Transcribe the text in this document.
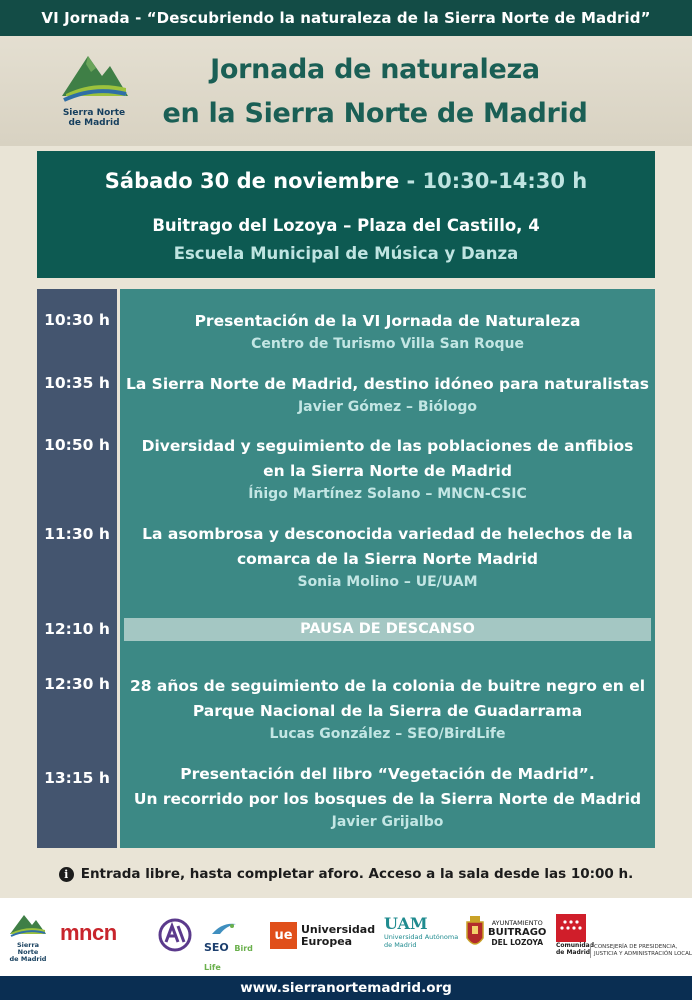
VI Jornada - “Descubriendo la naturaleza de la Sierra Norte de Madrid”
Sierra Norte
de Madrid
Jornada de naturaleza
en la Sierra Norte de Madrid
Sábado 30 de noviembre - 10:30-14:30 h
Buitrago del Lozoya – Plaza del Castillo, 4
Escuela Municipal de Música y Danza
10:30 h	Presentación de la VI Jornada de Naturaleza
Centro de Turismo Villa San Roque
10:35 h	La Sierra Norte de Madrid, destino idóneo para naturalistas
Javier Gómez – Biólogo
10:50 h	Diversidad y seguimiento de las poblaciones de anfibios
en la Sierra Norte de Madrid
Íñigo Martínez Solano – MNCN-CSIC
11:30 h	La asombrosa y desconocida variedad de helechos de la
comarca de la Sierra Norte Madrid
Sonia Molino – UE/UAM
12:10 h	PAUSA DE DESCANSO
12:30 h	28 años de seguimiento de la colonia de buitre negro en el
Parque Nacional de la Sierra de Guadarrama
Lucas González – SEO/BirdLife
13:15 h	Presentación del libro “Vegetación de Madrid”.
Un recorrido por los bosques de la Sierra Norte de Madrid
Javier Grijalbo
i Entrada libre, hasta completar aforo. Acceso a la sala desde las 10:00 h.
Sierra Norte
de Madrid
mncn
SEO Bird Life
ue Universidad
Europea
UAM
Universidad Autónoma
de Madrid
AYUNTAMIENTO
BUITRAGO
DEL LOZOYA	Comunidad
de Madrid
CONSEJERÍA DE PRESIDENCIA,
JUSTICIA Y ADMINISTRACIÓN LOCAL
www.sierranortemadrid.org
